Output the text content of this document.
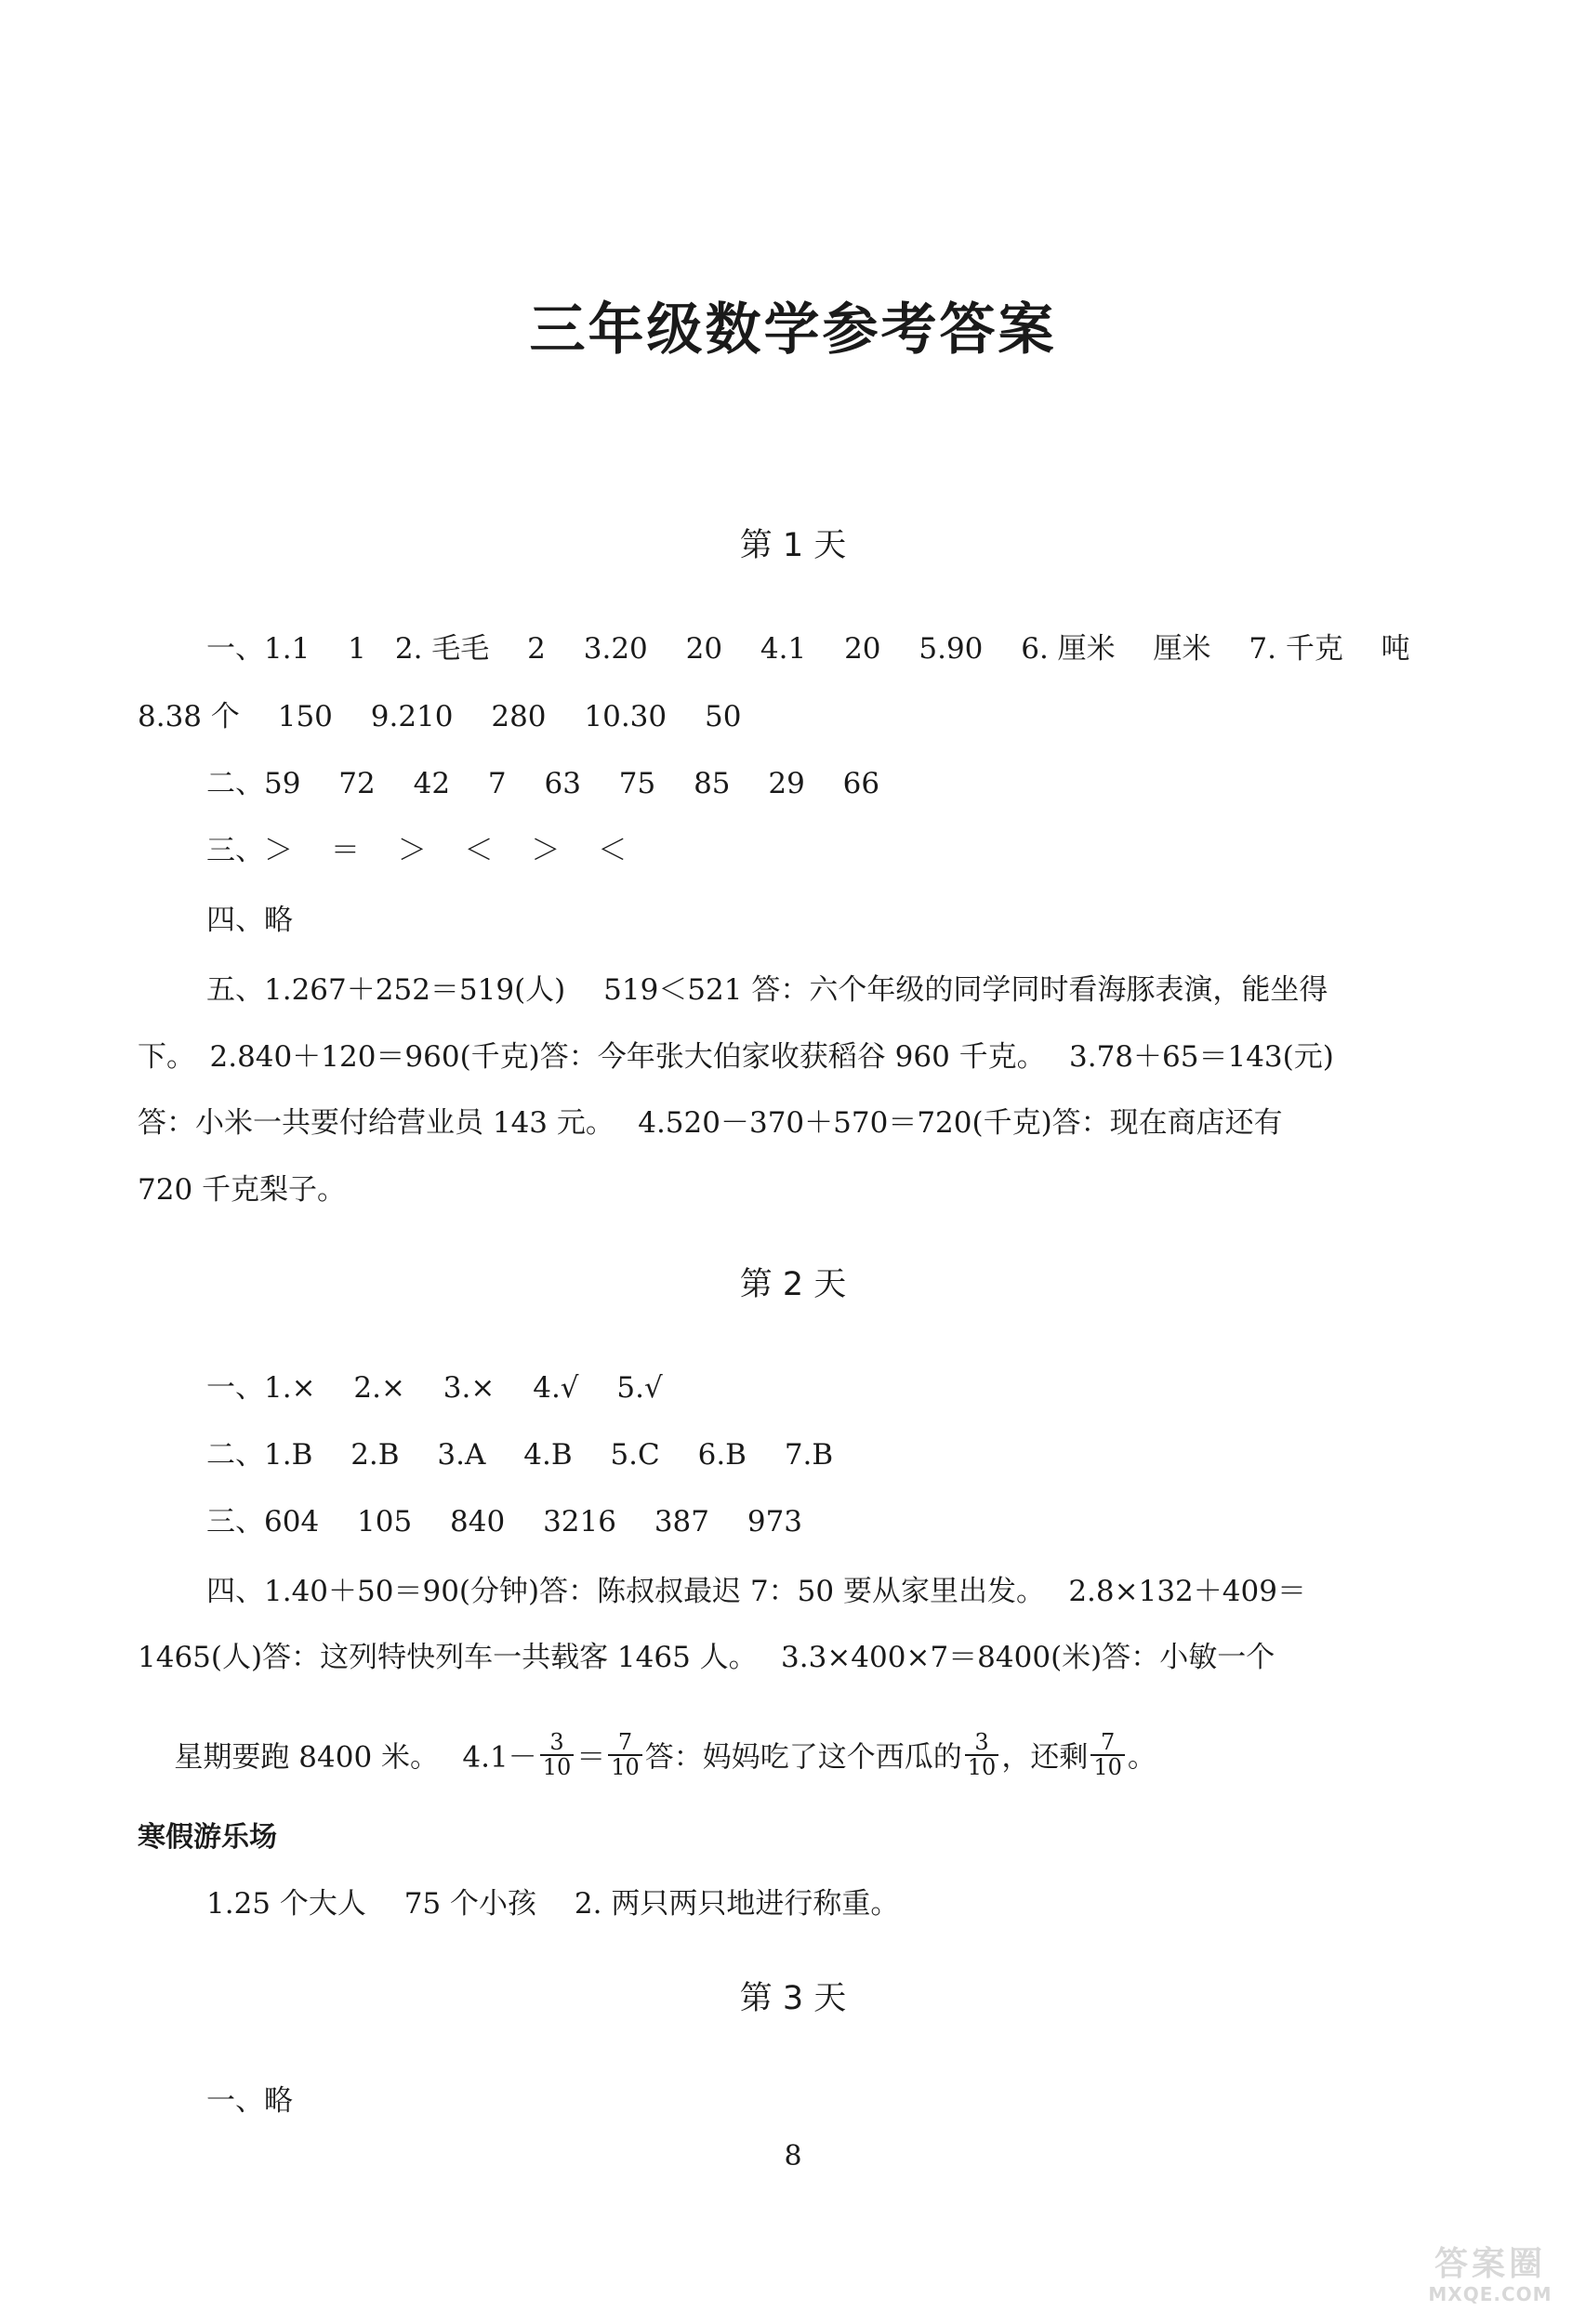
三年级数学参考答案
第 1 天
一、1.1　 1　2. 毛毛　 2　 3.20　 20　 4.1　 20　 5.90　 6. 厘米　 厘米　 7. 千克　 吨
8.38 个　 150　 9.210　 280　 10.30　 50
二、59　 72　 42　 7　 63　 75　 85　 29　 66
三、＞　 ＝　 ＞　 ＜　 ＞　 ＜
四、略
五、1.267＋252＝519(人)　 519＜521 答：六个年级的同学同时看海豚表演，能坐得
下。　2.840＋120＝960(千克)答：今年张大伯家收获稻谷 960 千克。　 3.78＋65＝143(元)
答：小米一共要付给营业员 143 元。　 4.520－370＋570＝720(千克)答：现在商店还有
720 千克梨子。
第 2 天
一、1.×　 2.×　 3.×　 4.√　 5.√
二、1.B　 2.B　 3.A　 4.B　 5.C　 6.B　 7.B
三、604　 105　 840　 3216　 387　 973
四、1.40＋50＝90(分钟)答：陈叔叔最迟 7：50 要从家里出发。　 2.8×132＋409＝
1465(人)答：这列特快列车一共载客 1465 人。　 3.3×400×7＝8400(米)答：小敏一个

星期要跑 8400 米。　 $4.1- \frac{3}{10} = \frac{7}{10}$ 答：妈妈吃了这个西瓜的 $\frac{3}{10}$ ，还剩 $\frac{7}{10}$ 。

寒假游乐场
1.25 个大人　 75 个小孩　 2. 两只两只地进行称重。
第 3 天
一、略
8
答案圈
MXQE.COM
